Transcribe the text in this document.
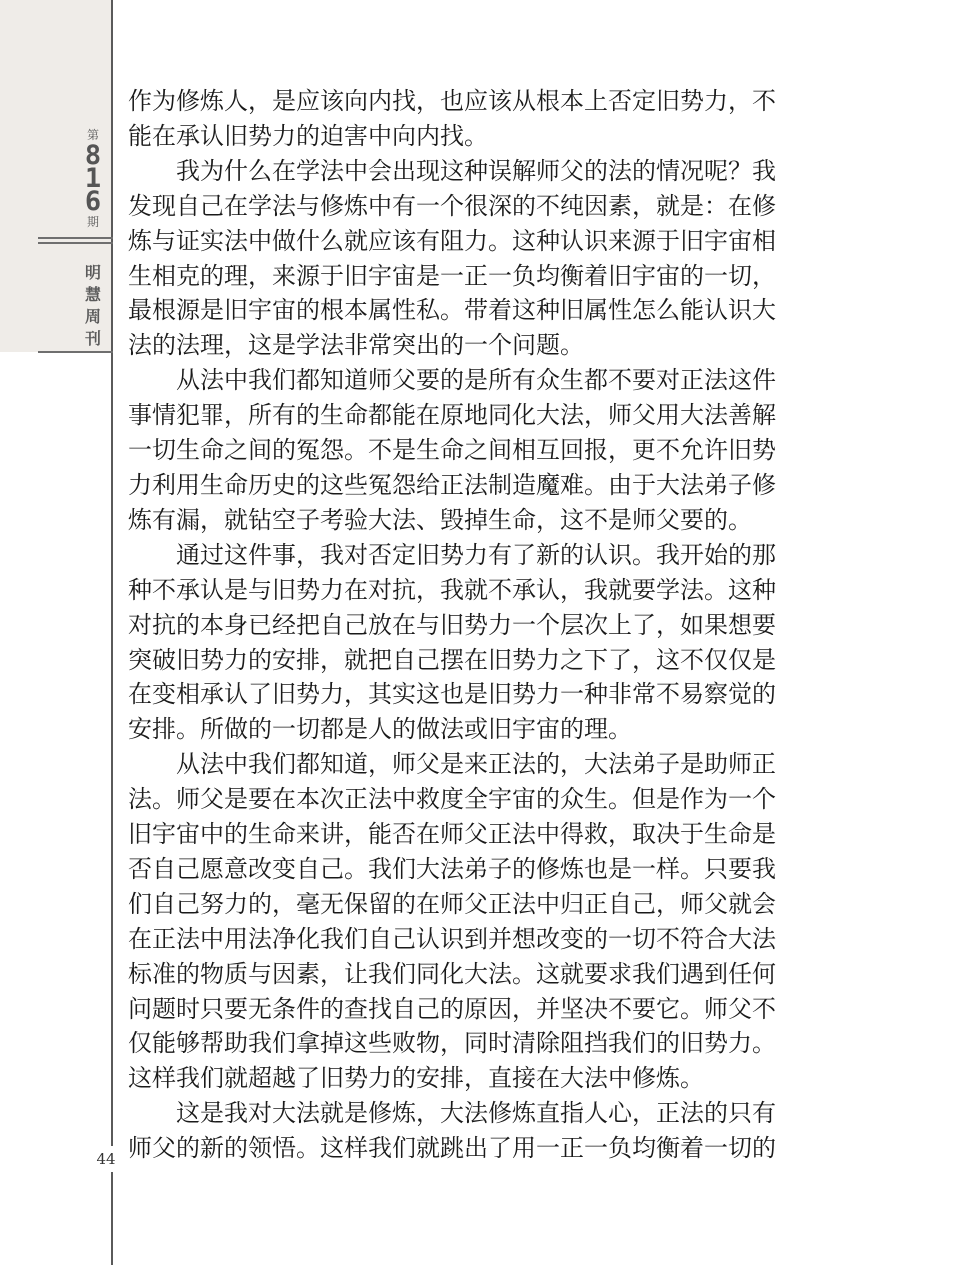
第
8
1
6
期
明
慧
周
刊
44

作为修炼人，是应该向内找，也应该从根本上否定旧势力，不

能在承认旧势力的迫害中向内找。

我为什么在学法中会出现这种误解师父的法的情况呢？我

发现自己在学法与修炼中有一个很深的不纯因素，就是：在修

炼与证实法中做什么就应该有阻力。这种认识来源于旧宇宙相

生相克的理，来源于旧宇宙是一正一负均衡着旧宇宙的一切，

最根源是旧宇宙的根本属性私。带着这种旧属性怎么能认识大

法的法理，这是学法非常突出的一个问题。

从法中我们都知道师父要的是所有众生都不要对正法这件

事情犯罪，所有的生命都能在原地同化大法，师父用大法善解

一切生命之间的冤怨。不是生命之间相互回报，更不允许旧势

力利用生命历史的这些冤怨给正法制造魔难。由于大法弟子修

炼有漏，就钻空子考验大法、毁掉生命，这不是师父要的。

通过这件事，我对否定旧势力有了新的认识。我开始的那

种不承认是与旧势力在对抗，我就不承认，我就要学法。这种

对抗的本身已经把自己放在与旧势力一个层次上了，如果想要

突破旧势力的安排，就把自己摆在旧势力之下了，这不仅仅是

在变相承认了旧势力，其实这也是旧势力一种非常不易察觉的

安排。所做的一切都是人的做法或旧宇宙的理。

从法中我们都知道，师父是来正法的，大法弟子是助师正

法。师父是要在本次正法中救度全宇宙的众生。但是作为一个

旧宇宙中的生命来讲，能否在师父正法中得救，取决于生命是

否自己愿意改变自己。我们大法弟子的修炼也是一样。只要我

们自己努力的，毫无保留的在师父正法中归正自己，师父就会

在正法中用法净化我们自己认识到并想改变的一切不符合大法

标准的物质与因素，让我们同化大法。这就要求我们遇到任何

问题时只要无条件的查找自己的原因，并坚决不要它。师父不

仅能够帮助我们拿掉这些败物，同时清除阻挡我们的旧势力。

这样我们就超越了旧势力的安排，直接在大法中修炼。

这是我对大法就是修炼，大法修炼直指人心，正法的只有

师父的新的领悟。这样我们就跳出了用一正一负均衡着一切的
